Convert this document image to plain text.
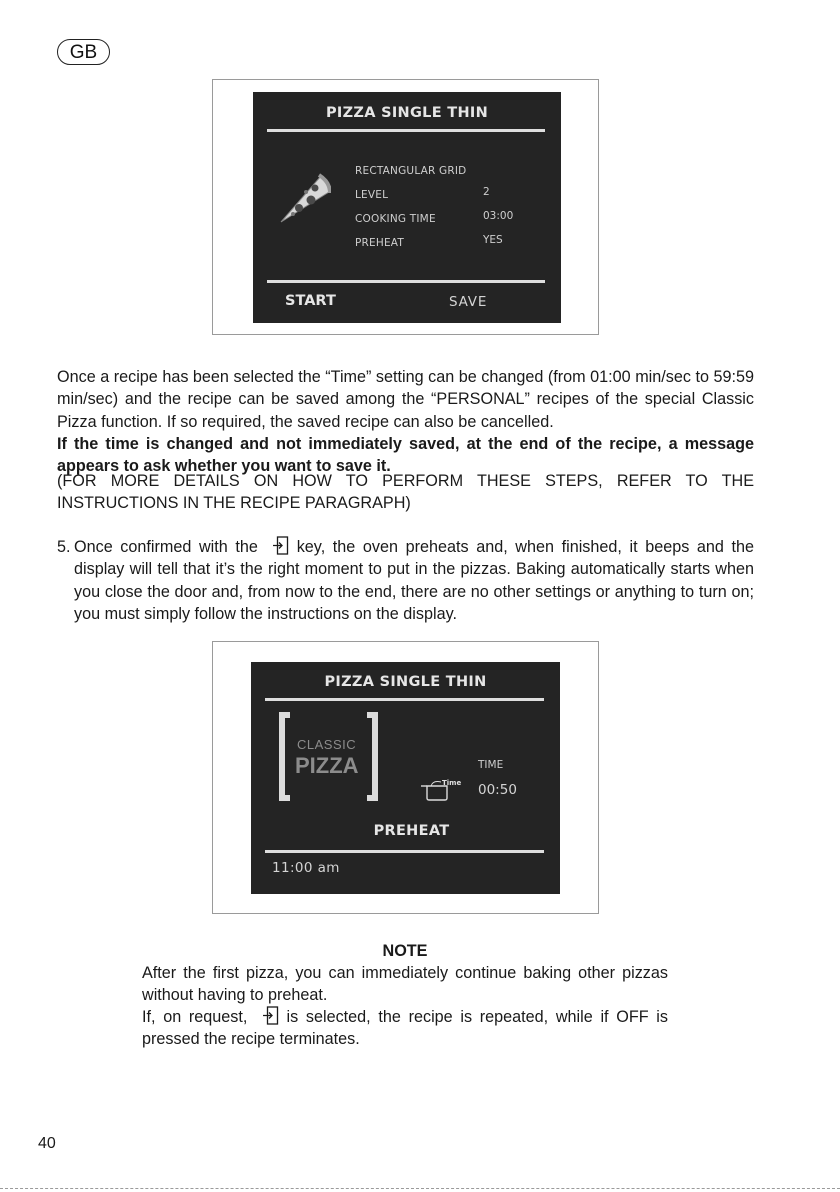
GB
PIZZA SINGLE THIN
RECTANGULAR GRID
LEVEL	2
COOKING TIME	03:00
PREHEAT	YES
START	SAVE

Once a recipe has been selected the “Time” setting can be changed (from 01:00 min/sec to 59:59 min/sec) and the recipe can be saved among the “PERSONAL” recipes of the special Classic Pizza function. If so required, the saved recipe can also be cancelled.

If the time is changed and not immediately saved, at the end of the recipe, a message appears to ask whether you want to save it.

(FOR MORE DETAILS ON HOW TO PERFORM THESE STEPS, REFER TO THE INSTRUCTIONS IN THE RECIPE PARAGRAPH)

5. Once confirmed with the key, the oven preheats and, when finished, it beeps and the display will tell that it’s the right moment to put in the pizzas. Baking automatically starts when you close the door and, from now to the end, there are no other settings or anything to turn on; you must simply follow the instructions on the display.
PIZZA SINGLE THIN
CLASSIC
PIZZA
Time
TIME
00:50
PREHEAT
11:00 am
NOTE
After the first pizza, you can immediately continue baking other pizzas without having to preheat.
If, on request, is selected, the recipe is repeated, while if OFF is pressed the recipe terminates.
40
